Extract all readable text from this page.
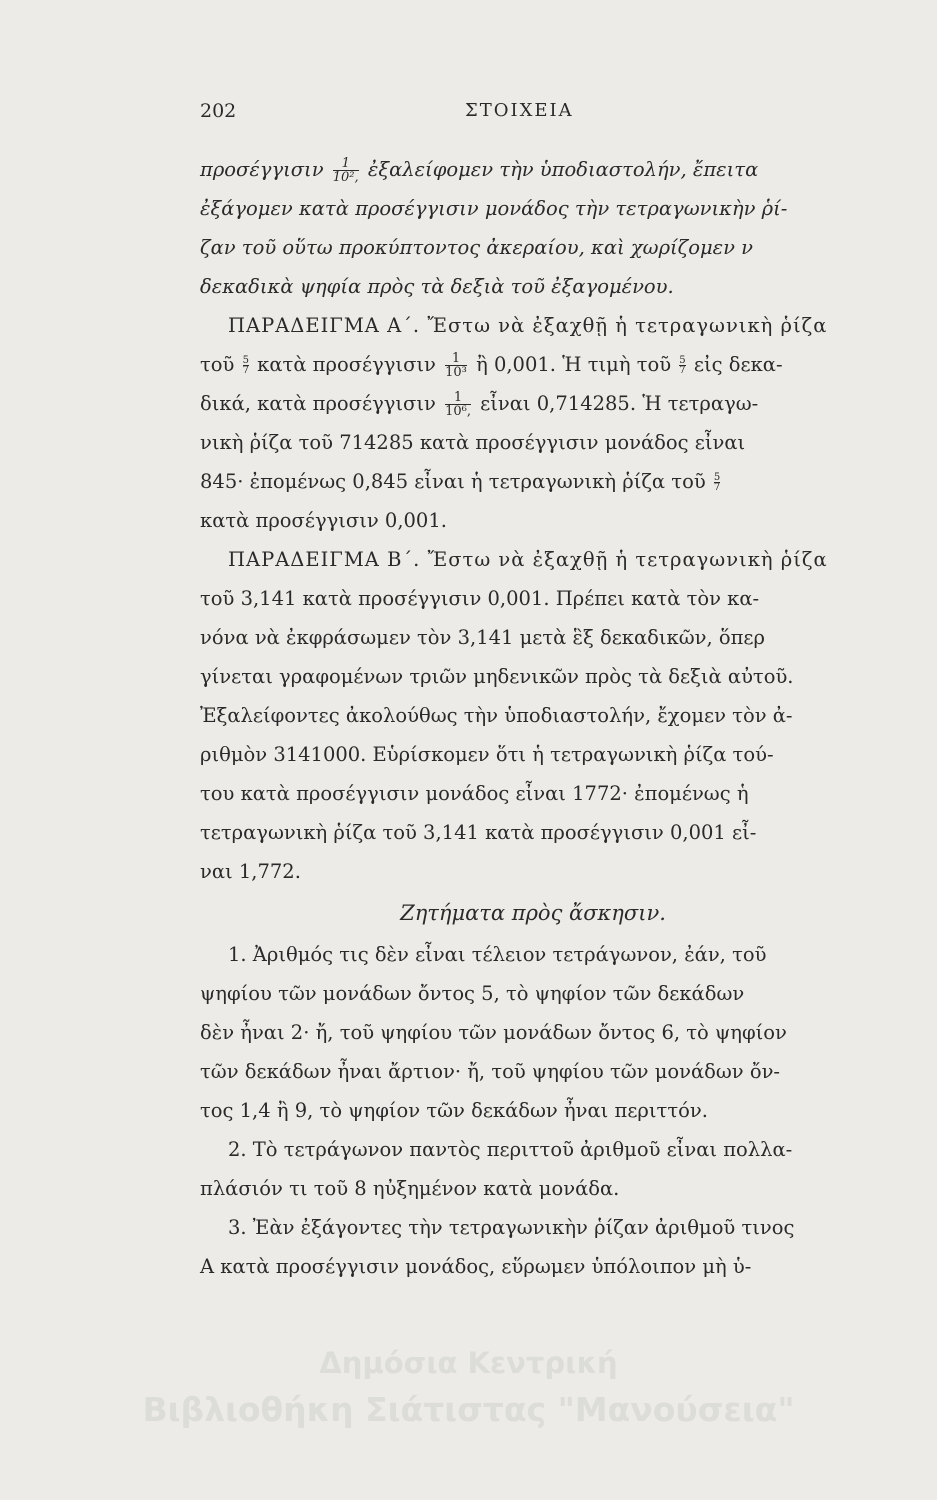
202	ΣΤΟΙΧΕΙΑ
προσέγγισιν $\frac{1}{\text{10²,}}$ ἐξαλείφομεν τὴν ὑποδιαστολήν, ἔπειτα
ἐξάγομεν κατὰ προσέγγισιν μονάδος τὴν τετραγωνικὴν ῥί-
ζαν τοῦ οὕτω προκύπτοντος ἀκεραίου, καὶ χωρίζομεν ν
δεκαδικὰ ψηφία πρὸς τὰ δεξιὰ τοῦ ἐξαγομένου.
ΠΑΡΑΔΕΙΓΜΑ Α΄. Ἔστω νὰ ἐξαχθῇ ἡ τετραγωνικὴ ῥίζα
τοῦ $\frac{5}{7}$ κατὰ προσέγγισιν $\frac{1}{\text{10³}}$ ἢ 0,001. Ἡ τιμὴ τοῦ $\frac{5}{7}$ εἰς δεκα-
δικά, κατὰ προσέγγισιν $\frac{1}{\text{10⁶,}}$ εἶναι 0,714285. Ἡ τετραγω-
νικὴ ῥίζα τοῦ 714285 κατὰ προσέγγισιν μονάδος εἶναι
845· ἐπομένως 0,845 εἶναι ἡ τετραγωνικὴ ῥίζα τοῦ $\frac{5}{7}$
κατὰ προσέγγισιν 0,001.
ΠΑΡΑΔΕΙΓΜΑ Β΄. Ἔστω νὰ ἐξαχθῇ ἡ τετραγωνικὴ ῥίζα
τοῦ 3,141 κατὰ προσέγγισιν 0,001. Πρέπει κατὰ τὸν κα-
νόνα νὰ ἐκφράσωμεν τὸν 3,141 μετὰ ἓξ δεκαδικῶν, ὅπερ
γίνεται γραφομένων τριῶν μηδενικῶν πρὸς τὰ δεξιὰ αὐτοῦ.
Ἐξαλείφοντες ἀκολούθως τὴν ὑποδιαστολήν, ἔχομεν τὸν ἀ-
ριθμὸν 3141000. Εὑρίσκομεν ὅτι ἡ τετραγωνικὴ ῥίζα τού-
του κατὰ προσέγγισιν μονάδος εἶναι 1772· ἐπομένως ἡ
τετραγωνικὴ ῥίζα τοῦ 3,141 κατὰ προσέγγισιν 0,001 εἶ-
ναι 1,772.
Ζητήματα πρὸς ἄσκησιν.
1. Ἀριθμός τις δὲν εἶναι τέλειον τετράγωνον, ἐάν, τοῦ
ψηφίου τῶν μονάδων ὄντος 5, τὸ ψηφίον τῶν δεκάδων
δὲν ἦναι 2· ἤ, τοῦ ψηφίου τῶν μονάδων ὄντος 6, τὸ ψηφίον
τῶν δεκάδων ἦναι ἄρτιον· ἤ, τοῦ ψηφίου τῶν μονάδων ὄν-
τος 1,4 ἢ 9, τὸ ψηφίον τῶν δεκάδων ἦναι περιττόν.
2. Τὸ τετράγωνον παντὸς περιττοῦ ἀριθμοῦ εἶναι πολλα-
πλάσιόν τι τοῦ 8 ηὐξημένον κατὰ μονάδα.
3. Ἐὰν ἐξάγοντες τὴν τετραγωνικὴν ῥίζαν ἀριθμοῦ τινος
Α κατὰ προσέγγισιν μονάδος, εὕρωμεν ὑπόλοιπον μὴ ὑ-
Δημόσια Κεντρική
Βιβλιοθήκη Σιάτιστας "Μανούσεια"
